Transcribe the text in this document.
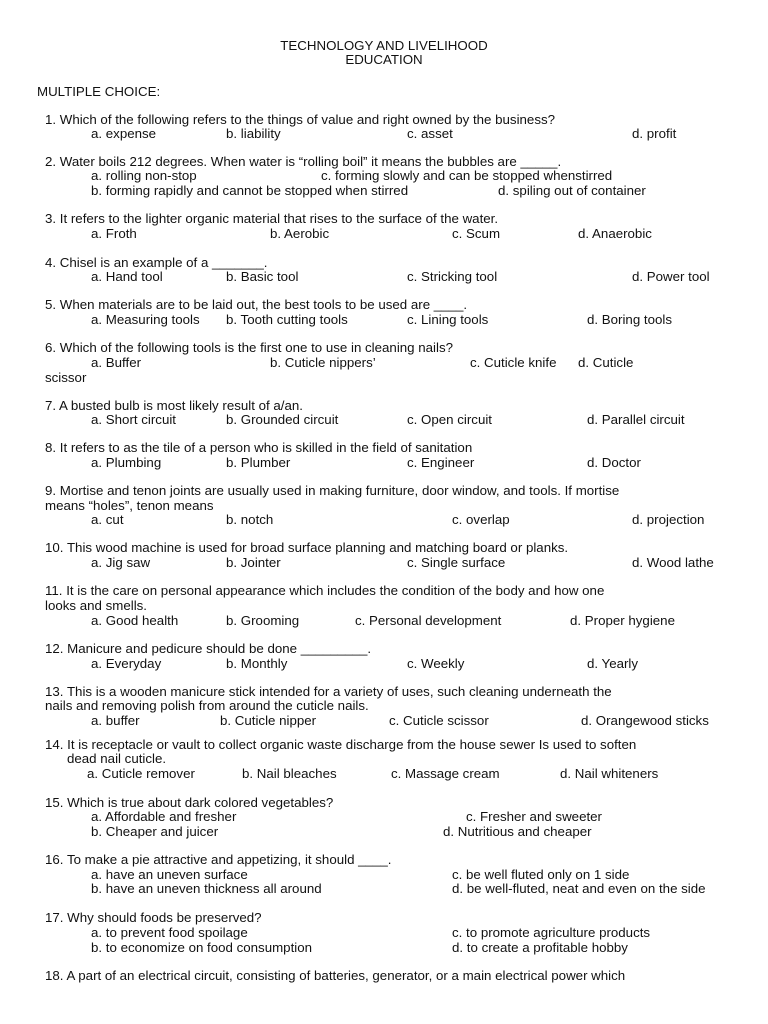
TECHNOLOGY AND LIVELIHOOD
EDUCATION
MULTIPLE CHOICE:
1. Which of the following refers to the things of value and right owned by the business?
a. expense	b. liability	c. asset	d. profit
2. Water boils 212 degrees. When water is “rolling boil” it means the bubbles are _____.
a. rolling non-stop	c. forming slowly and can be stopped whenstirred
b. forming rapidly and cannot be stopped when stirred	d. spiling out of container
3. It refers to the lighter organic material that rises to the surface of the water.
a. Froth	b. Aerobic	c. Scum	d. Anaerobic
4. Chisel is an example of a _______.
a. Hand tool	b. Basic tool	c. Stricking tool	d. Power tool
5. When materials are to be laid out, the best tools to be used are ____.
a. Measuring tools b. Tooth cutting tools	c. Lining tools	d. Boring tools
6. Which of the following tools is the first one to use in cleaning nails?
a. Buffer	b. Cuticle nippers’	c. Cuticle knife d. Cuticle
scissor
7. A busted bulb is most likely result of a/an.
a. Short circuit	b. Grounded circuit	c. Open circuit	d. Parallel circuit
8. It refers to as the tile of a person who is skilled in the field of sanitation
a. Plumbing	b. Plumber	c. Engineer	d. Doctor
9. Mortise and tenon joints are usually used in making furniture, door window, and tools. If mortise
means “holes”, tenon means
a. cut	b. notch	c. overlap	d. projection
10. This wood machine is used for broad surface planning and matching board or planks.
a. Jig saw	b. Jointer	c. Single surface	d. Wood lathe
11. It is the care on personal appearance which includes the condition of the body and how one
looks and smells.
a. Good health	b. Grooming	c. Personal development	d. Proper hygiene
12. Manicure and pedicure should be done _________.
a. Everyday	b. Monthly	c. Weekly	d. Yearly
13. This is a wooden manicure stick intended for a variety of uses, such cleaning underneath the
nails and removing polish from around the cuticle nails.
a. buffer	b. Cuticle nipper	c. Cuticle scissor	d. Orangewood sticks
14. It is receptacle or vault to collect organic waste discharge from the house sewer Is used to soften
dead nail cuticle.
a. Cuticle remover	b. Nail bleaches	c. Massage cream	d. Nail whiteners
15. Which is true about dark colored vegetables?
a. Affordable and fresher	c. Fresher and sweeter
b. Cheaper and juicer	d. Nutritious and cheaper
16. To make a pie attractive and appetizing, it should ____.
a. have an uneven surface	c. be well fluted only on 1 side
b. have an uneven thickness all around	d. be well-fluted, neat and even on the side
17. Why should foods be preserved?
a. to prevent food spoilage	c. to promote agriculture products
b. to economize on food consumption	d. to create a profitable hobby
18. A part of an electrical circuit, consisting of batteries, generator, or a main electrical power which
